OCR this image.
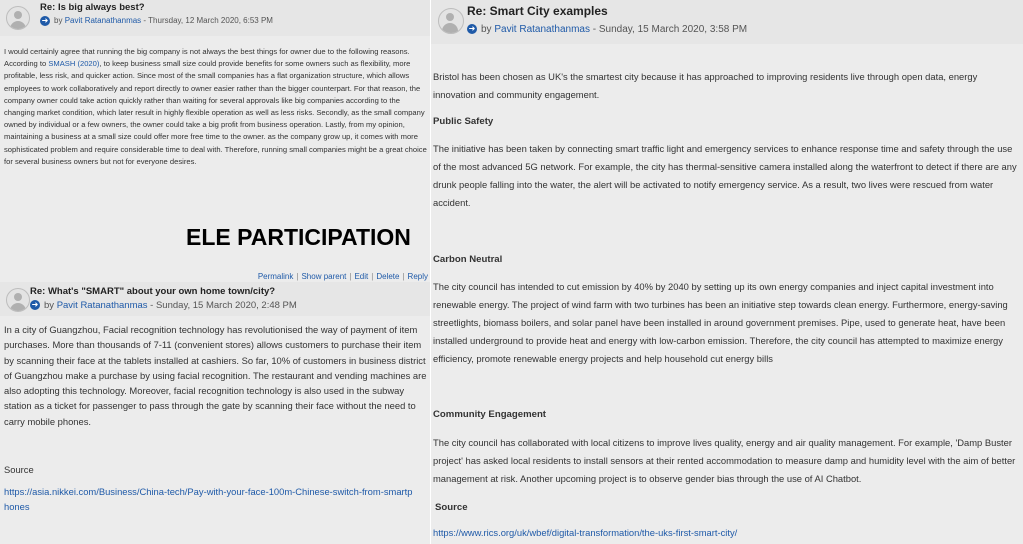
Re: Is big always best?
➜ by Pavit Ratanathanmas - Thursday, 12 March 2020, 6:53 PM
I would certainly agree that running the big company is not always the best things for owner due to the following reasons. According to SMASH (2020), to keep business small size could provide benefits for some owners such as flexibility, more profitable, less risk, and quicker action. Since most of the small companies has a flat organization structure, which allows employees to work collaboratively and report directly to owner easier rather than the bigger counterpart. For that reason, the company owner could take action quickly rather than waiting for several approvals like big companies according to the changing market condition, which later result in highly flexible operation as well as less risks. Secondly, as the small company owned by individual or a few owners, the owner could take a big profit from business operation. Lastly, from my opinion, maintaining a business at a small size could offer more free time to the owner. as the company grow up, it comes with more sophisticated problem and require considerable time to deal with. Therefore, running small companies might be a great choice for several business owners but not for everyone desires.
Permalink | Show parent | Edit | Delete | Reply
ELE PARTICIPATION
Re: What's "SMART" about your own home town/city?
➜ by Pavit Ratanathanmas - Sunday, 15 March 2020, 2:48 PM
In a city of Guangzhou, Facial recognition technology has revolutionised the way of payment of item purchases. More than thousands of 7-11 (convenient stores) allows customers to purchase their item by scanning their face at the tablets installed at cashiers. So far, 10% of customers in business district of Guangzhou make a purchase by using facial recognition. The restaurant and vending machines are also adopting this technology. Moreover, facial recognition technology is also used in the subway station as a ticket for passenger to pass through the gate by scanning their face without the need to carry mobile phones.
Source
https://asia.nikkei.com/Business/China-tech/Pay-with-your-face-100m-Chinese-switch-from-smartphones
Re: Smart City examples
➜ by Pavit Ratanathanmas - Sunday, 15 March 2020, 3:58 PM
Bristol has been chosen as UK's the smartest city because it has approached to improving residents live through open data, energy innovation and community engagement.
Public Safety
The initiative has been taken by connecting smart traffic light and emergency services to enhance response time and safety through the use of the most advanced 5G network. For example, the city has thermal-sensitive camera installed along the waterfront to detect if there are any drunk people falling into the water, the alert will be activated to notify emergency service. As a result, two lives were rescued from water accident.
Carbon Neutral
The city council has intended to cut emission by 40% by 2040 by setting up its own energy companies and inject capital investment into renewable energy. The project of wind farm with two turbines has been an initiative step towards clean energy. Furthermore, energy-saving streetlights, biomass boilers, and solar panel have been installed in around government premises. Pipe, used to generate heat, have been installed underground to provide heat and energy with low-carbon emission. Therefore, the city council has attempted to maximize energy efficiency, promote renewable energy projects and help household cut energy bills
Community Engagement
The city council has collaborated with local citizens to improve lives quality, energy and air quality management. For example, 'Damp Buster project' has asked local residents to install sensors at their rented accommodation to measure damp and humidity level with the aim of better management at risk. Another upcoming project is to observe gender bias through the use of AI Chatbot.
Source
https://www.rics.org/uk/wbef/digital-transformation/the-uks-first-smart-city/
